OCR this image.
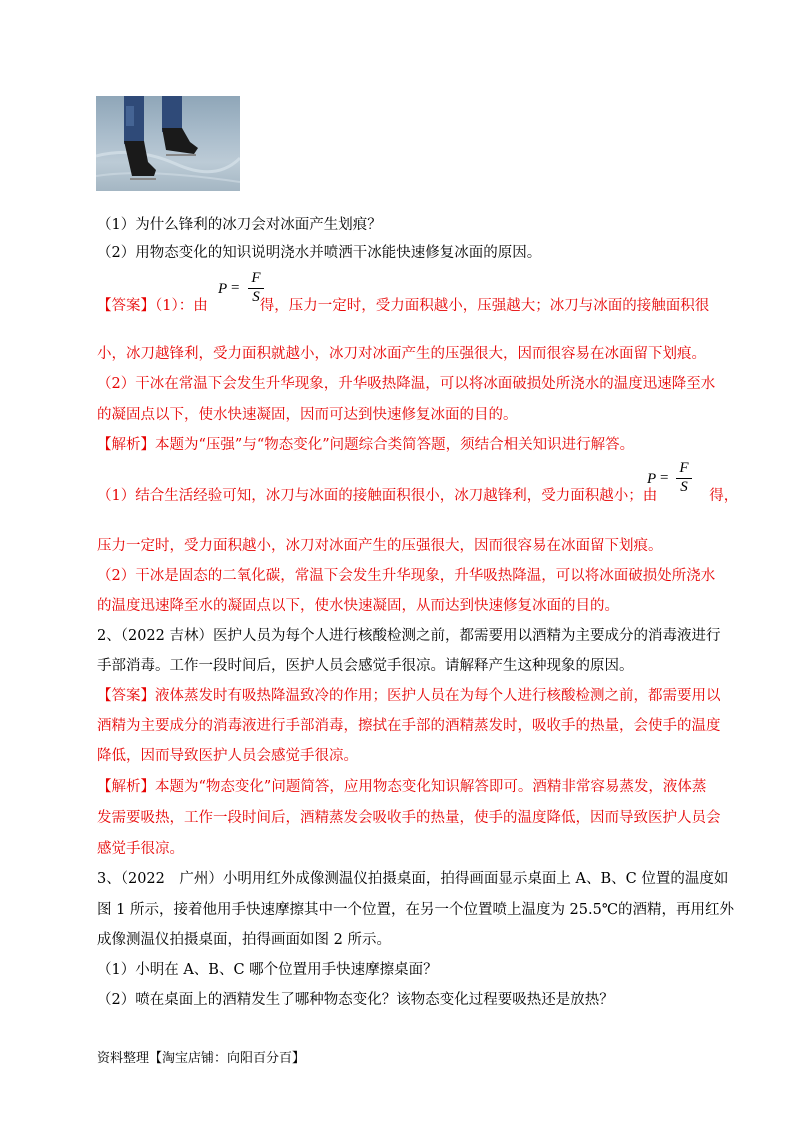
（1）为什么锋利的冰刀会对冰面产生划痕？
（2）用物态变化的知识说明浇水并喷洒干冰能快速修复冰面的原因。
P =
F
S
【答案】（1）：由	得，压力一定时，受力面积越小，压强越大；冰刀与冰面的接触面积很
小，冰刀越锋利，受力面积就越小，冰刀对冰面产生的压强很大，因而很容易在冰面留下划痕。
（2）干冰在常温下会发生升华现象，升华吸热降温，可以将冰面破损处所浇水的温度迅速降至水
的凝固点以下，使水快速凝固，因而可达到快速修复冰面的目的。
【解析】本题为“压强”与“物态变化”问题综合类简答题，须结合相关知识进行解答。
P =
F
S
（1）结合生活经验可知，冰刀与冰面的接触面积很小，冰刀越锋利，受力面积越小；由	得，
压力一定时，受力面积越小，冰刀对冰面产生的压强很大，因而很容易在冰面留下划痕。
（2）干冰是固态的二氧化碳，常温下会发生升华现象，升华吸热降温，可以将冰面破损处所浇水
的温度迅速降至水的凝固点以下，使水快速凝固，从而达到快速修复冰面的目的。
2、（2022 吉林）医护人员为每个人进行核酸检测之前，都需要用以酒精为主要成分的消毒液进行
手部消毒。工作一段时间后，医护人员会感觉手很凉。请解释产生这种现象的原因。
【答案】液体蒸发时有吸热降温致冷的作用；医护人员在为每个人进行核酸检测之前，都需要用以
酒精为主要成分的消毒液进行手部消毒，擦拭在手部的酒精蒸发时，吸收手的热量，会使手的温度
降低，因而导致医护人员会感觉手很凉。
【解析】本题为“物态变化”问题简答，应用物态变化知识解答即可。酒精非常容易蒸发，液体蒸
发需要吸热，工作一段时间后，酒精蒸发会吸收手的热量，使手的温度降低，因而导致医护人员会
感觉手很凉。
3、（2022　广州）小明用红外成像测温仪拍摄桌面，拍得画面显示桌面上 A、B、C 位置的温度如
图 1 所示，接着他用手快速摩擦其中一个位置，在另一个位置喷上温度为 25.5℃的酒精，再用红外
成像测温仪拍摄桌面，拍得画面如图 2 所示。
（1）小明在 A、B、C 哪个位置用手快速摩擦桌面？
（2）喷在桌面上的酒精发生了哪种物态变化？该物态变化过程要吸热还是放热？
资料整理【淘宝店铺：向阳百分百】
